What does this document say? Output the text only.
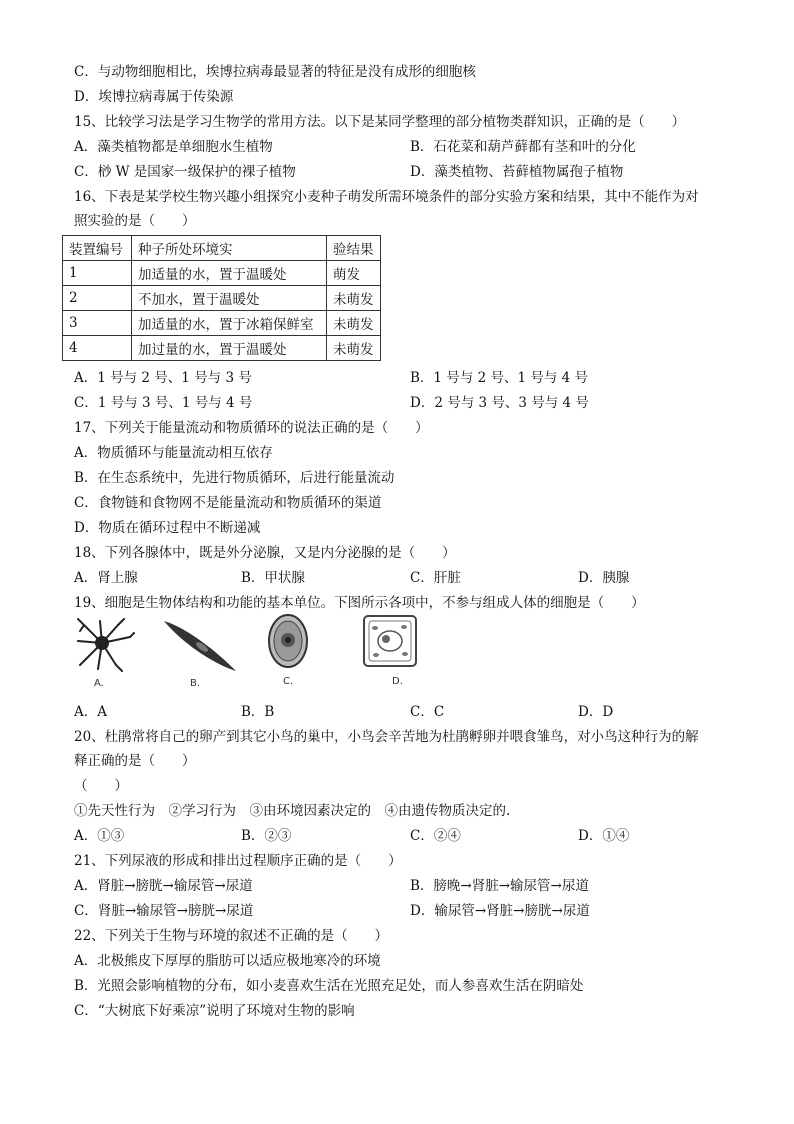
C．与动物细胞相比，埃博拉病毒最显著的特征是没有成形的细胞核
D．埃博拉病毒属于传染源
15、比较学习法是学习生物学的常用方法。以下是某同学整理的部分植物类群知识，正确的是（　　）
A．藻类植物都是单细胞水生植物	B．石花菜和葫芦藓都有茎和叶的分化
C．桫 W 是国家一级保护的裸子植物	D．藻类植物、苔藓植物属孢子植物
16、下表是某学校生物兴趣小组探究小麦种子萌发所需环境条件的部分实验方案和结果，其中不能作为对
照实验的是（　　）
装置编号	种子所处环境实	验结果
1	加适量的水，置于温暖处	萌发
2	不加水，置于温暖处	未萌发
3	加适量的水，置于冰箱保鲜室	未萌发
4	加过量的水，置于温暖处	未萌发
A．1 号与 2 号、1 号与 3 号	B．1 号与 2 号、1 号与 4 号
C．1 号与 3 号、1 号与 4 号	D．2 号与 3 号、3 号与 4 号
17、下列关于能量流动和物质循环的说法正确的是（　　）
A．物质循环与能量流动相互依存
B．在生态系统中，先进行物质循环，后进行能量流动
C．食物链和食物网不是能量流动和物质循环的渠道
D．物质在循环过程中不断递减
18、下列各腺体中，既是外分泌腺，又是内分泌腺的是（　　）
A．肾上腺	B．甲状腺	C．肝脏	D．胰腺
19、细胞是生物体结构和功能的基本单位。下图所示各项中，不参与组成人体的细胞是（　　）
A.	B.	C.	D.
A．A	B．B	C．C	D．D
20、杜鹃常将自己的卵产到其它小鸟的巢中，小鸟会辛苦地为杜鹃孵卵并喂食雏鸟，对小鸟这种行为的解
释正确的是（　　）
（　　）
①先天性行为　②学习行为　③由环境因素决定的　④由遗传物质决定的.
A．①③	B．②③	C．②④	D．①④
21、下列尿液的形成和排出过程顺序正确的是（　　）
A．肾脏→膀胱→输尿管→尿道	B．膀晚→肾脏→输尿管→尿道
C．肾脏→输尿管→膀胱→尿道	D．输尿管→肾脏→膀胱→尿道
22、下列关于生物与环境的叙述不正确的是（　　）
A．北极熊皮下厚厚的脂肪可以适应极地寒冷的环境
B．光照会影响植物的分布，如小麦喜欢生活在光照充足处，而人参喜欢生活在阴暗处
C．“大树底下好乘凉”说明了环境对生物的影响
